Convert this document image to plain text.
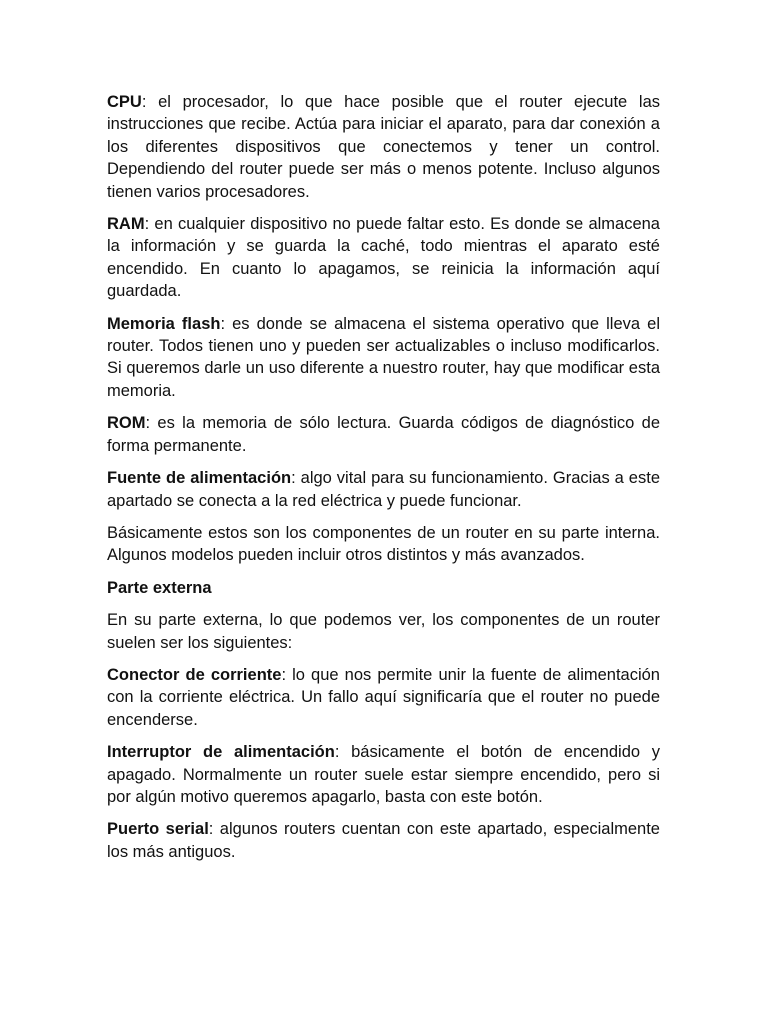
CPU: el procesador, lo que hace posible que el router ejecute las instrucciones que recibe. Actúa para iniciar el aparato, para dar conexión a los diferentes dispositivos que conectemos y tener un control. Dependiendo del router puede ser más o menos potente. Incluso algunos tienen varios procesadores.

RAM: en cualquier dispositivo no puede faltar esto. Es donde se almacena la información y se guarda la caché, todo mientras el aparato esté encendido. En cuanto lo apagamos, se reinicia la información aquí guardada.

Memoria flash: es donde se almacena el sistema operativo que lleva el router. Todos tienen uno y pueden ser actualizables o incluso modificarlos. Si queremos darle un uso diferente a nuestro router, hay que modificar esta memoria.

ROM: es la memoria de sólo lectura. Guarda códigos de diagnóstico de forma permanente.

Fuente de alimentación: algo vital para su funcionamiento. Gracias a este apartado se conecta a la red eléctrica y puede funcionar.

Básicamente estos son los componentes de un router en su parte interna. Algunos modelos pueden incluir otros distintos y más avanzados.

Parte externa

En su parte externa, lo que podemos ver, los componentes de un router suelen ser los siguientes:

Conector de corriente: lo que nos permite unir la fuente de alimentación con la corriente eléctrica. Un fallo aquí significaría que el router no puede encenderse.

Interruptor de alimentación: básicamente el botón de encendido y apagado. Normalmente un router suele estar siempre encendido, pero si por algún motivo queremos apagarlo, basta con este botón.

Puerto serial: algunos routers cuentan con este apartado, especialmente los más antiguos.
